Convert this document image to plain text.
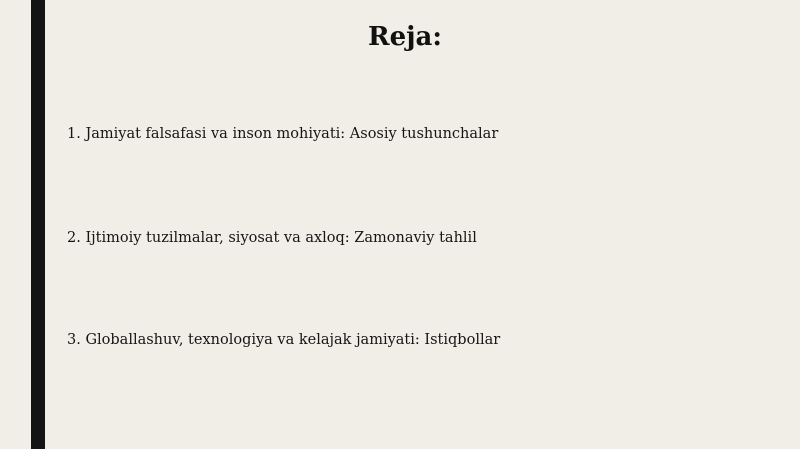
Reja:
1. Jamiyat falsafasi va inson mohiyati: Asosiy tushunchalar
2. Ijtimoiy tuzilmalar, siyosat va axloq: Zamonaviy tahlil
3. Globallashuv, texnologiya va kelajak jamiyati: Istiqbollar
